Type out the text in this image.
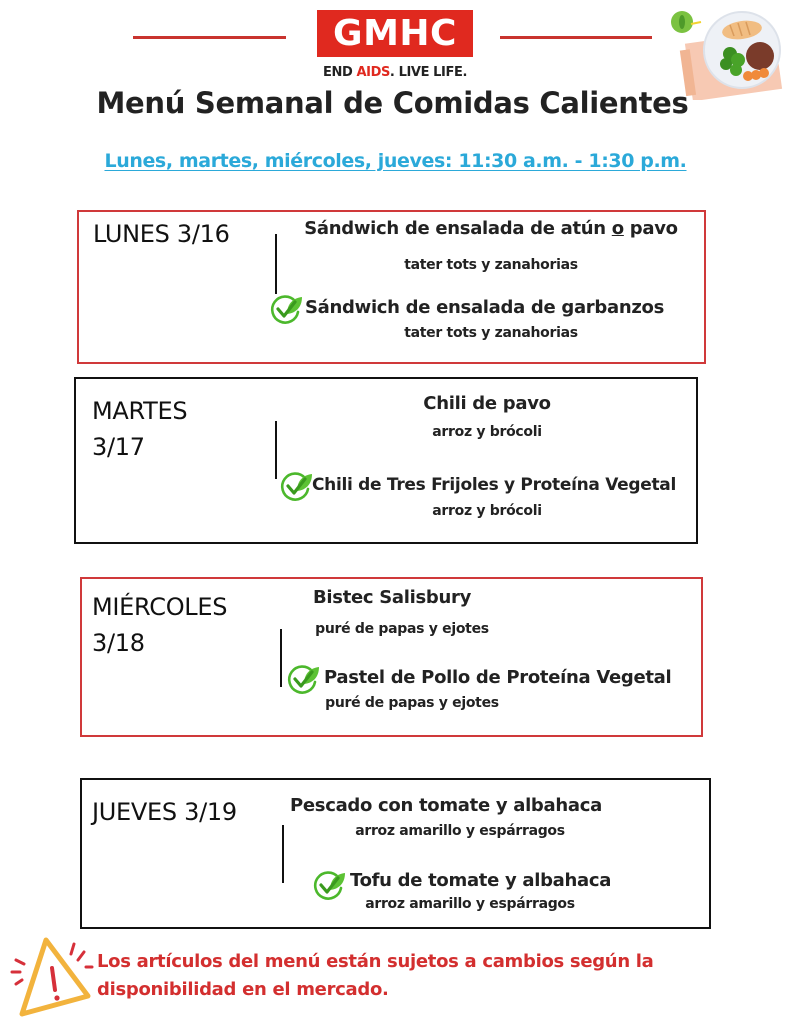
GMHC
END AIDS. LIVE LIFE.
Menú Semanal de Comidas Calientes
Lunes, martes, miércoles, jueves: 11:30 a.m. - 1:30 p.m.
LUNES 3/16	Sándwich de ensalada de atún o pavo
tater tots y zanahorias
Sándwich de ensalada de garbanzos
tater tots y zanahorias
MARTES
3/17
Chili de pavo
arroz y brócoli
Chili de Tres Frijoles y Proteína Vegetal
arroz y brócoli
MIÉRCOLES
3/18
Bistec Salisbury
puré de papas y ejotes
Pastel de Pollo de Proteína Vegetal
puré de papas y ejotes
JUEVES 3/19	Pescado con tomate y albahaca
arroz amarillo y espárragos
Tofu de tomate y albahaca
arroz amarillo y espárragos
Los artículos del menú están sujetos a cambios según la disponibilidad en el mercado.
